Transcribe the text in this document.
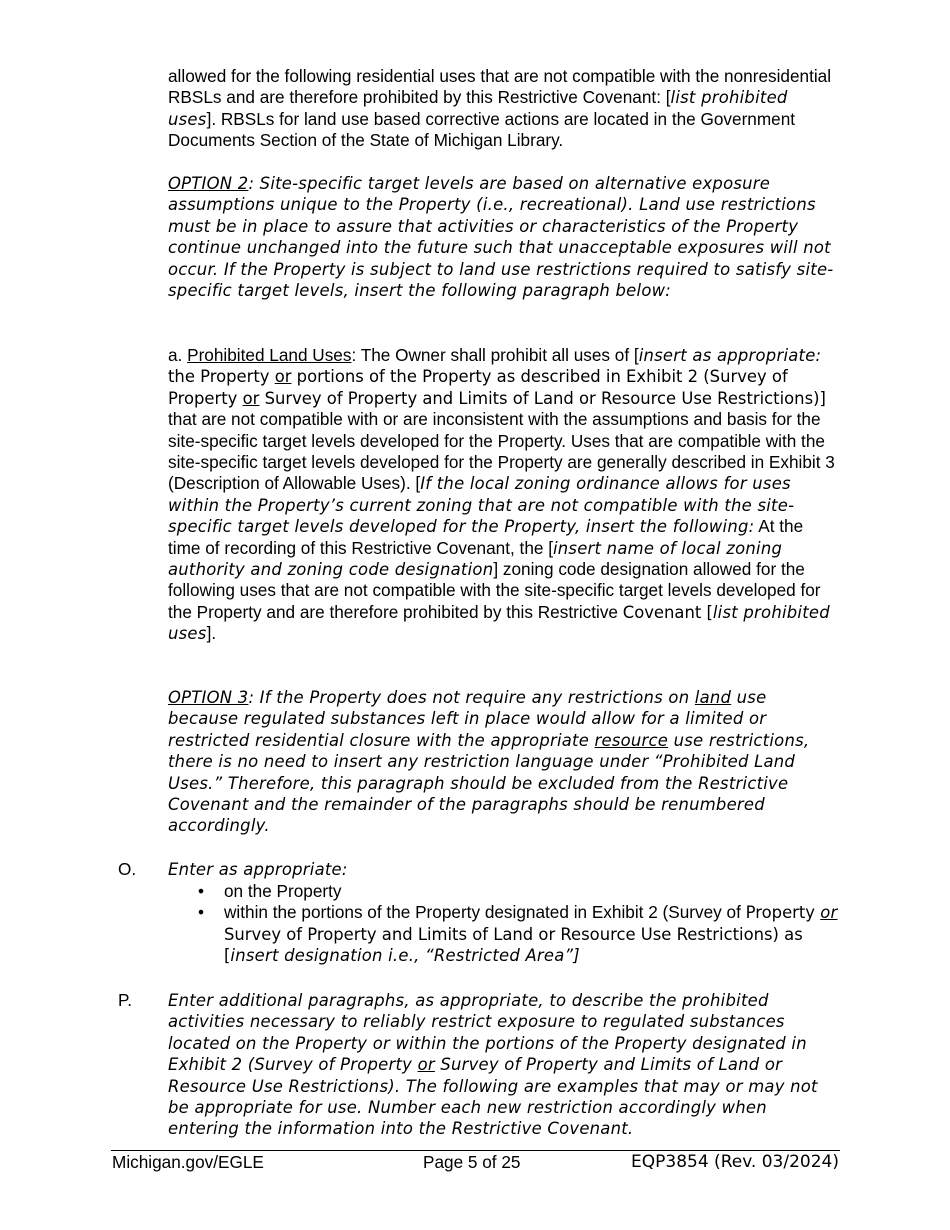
allowed for the following residential uses that are not compatible with the nonresidential RBSLs and are therefore prohibited by this Restrictive Covenant: [list prohibited uses]. RBSLs for land use based corrective actions are located in the Government Documents Section of the State of Michigan Library.

OPTION 2: Site-specific target levels are based on alternative exposure assumptions unique to the Property (i.e., recreational). Land use restrictions must be in place to assure that activities or characteristics of the Property continue unchanged into the future such that unacceptable exposures will not occur. If the Property is subject to land use restrictions required to satisfy site-specific target levels, insert the following paragraph below:

a. Prohibited Land Uses: The Owner shall prohibit all uses of [insert as appropriate: the Property or portions of the Property as described in Exhibit 2 (Survey of Property or Survey of Property and Limits of Land or Resource Use Restrictions)] that are not compatible with or are inconsistent with the assumptions and basis for the site-specific target levels developed for the Property. Uses that are compatible with the site-specific target levels developed for the Property are generally described in Exhibit 3 (Description of Allowable Uses). [If the local zoning ordinance allows for uses within the Property’s current zoning that are not compatible with the site-specific target levels developed for the Property, insert the following: At the time of recording of this Restrictive Covenant, the [insert name of local zoning authority and zoning code designation] zoning code designation allowed for the following uses that are not compatible with the site-specific target levels developed for the Property and are therefore prohibited by this Restrictive Covenant [list prohibited uses].

OPTION 3: If the Property does not require any restrictions on land use because regulated substances left in place would allow for a limited or restricted residential closure with the appropriate resource use restrictions, there is no need to insert any restriction language under “Prohibited Land Uses.” Therefore, this paragraph should be excluded from the Restrictive Covenant and the remainder of the paragraphs should be renumbered accordingly.

O. Enter as appropriate:

• on the Property
• within the portions of the Property designated in Exhibit 2 (Survey of Property or Survey of Property and Limits of Land or Resource Use Restrictions) as [insert designation i.e., “Restricted Area”]
P. Enter additional paragraphs, as appropriate, to describe the prohibited activities necessary to reliably restrict exposure to regulated substances located on the Property or within the portions of the Property designated in Exhibit 2 (Survey of Property or Survey of Property and Limits of Land or Resource Use Restrictions). The following are examples that may or may not be appropriate for use. Number each new restriction accordingly when entering the information into the Restrictive Covenant.

Michigan.gov/EGLE	Page 5 of 25	EQP3854 (Rev. 03/2024)
